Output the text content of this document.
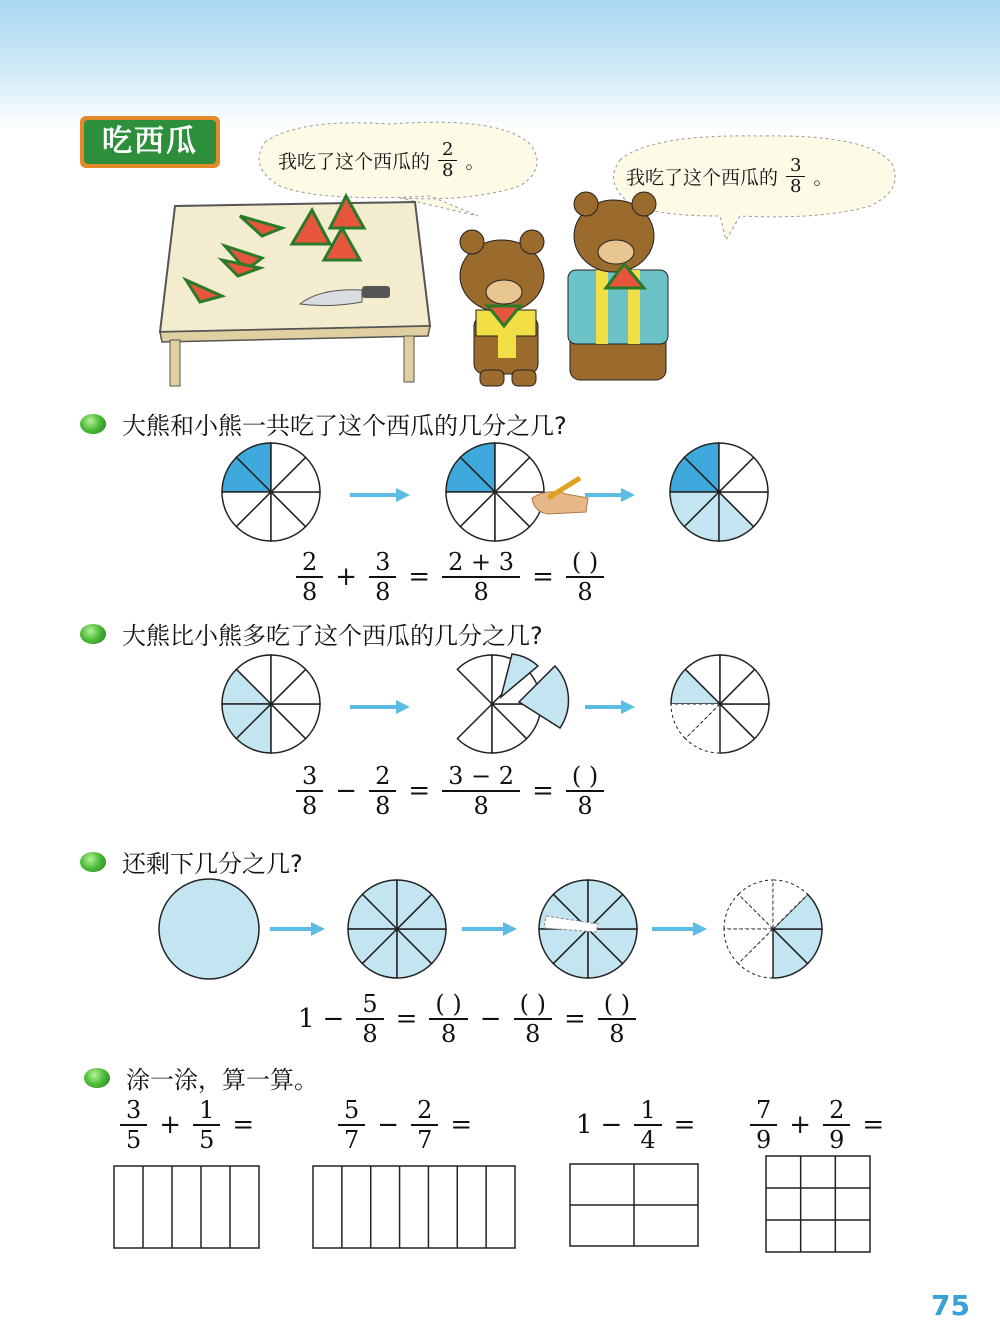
吃西瓜
我吃了这个西瓜的 $\frac{2}{8}$ 。
我吃了这个西瓜的 $\frac{3}{8}$ 。
大熊和小熊一共吃了这个西瓜的几分之几?
$\frac{2}{8} + \frac{3}{8} = \frac{2 + 3}{8} = \frac{( )}{8}$
大熊比小熊多吃了这个西瓜的几分之几?
$\frac{3}{8} - \frac{2}{8} = \frac{3 - 2}{8} = \frac{( )}{8}$
还剩下几分之几?
$1 - \frac{5}{8} = \frac{( )}{8} - \frac{( )}{8} = \frac{( )}{8}$
涂一涂，算一算。
$\frac{3}{5} + \frac{1}{5}$ =	$\frac{5}{7} - \frac{2}{7}$ =	$1 - \frac{1}{4} = \frac{7}{9} + \frac{2}{9}$ =
75
